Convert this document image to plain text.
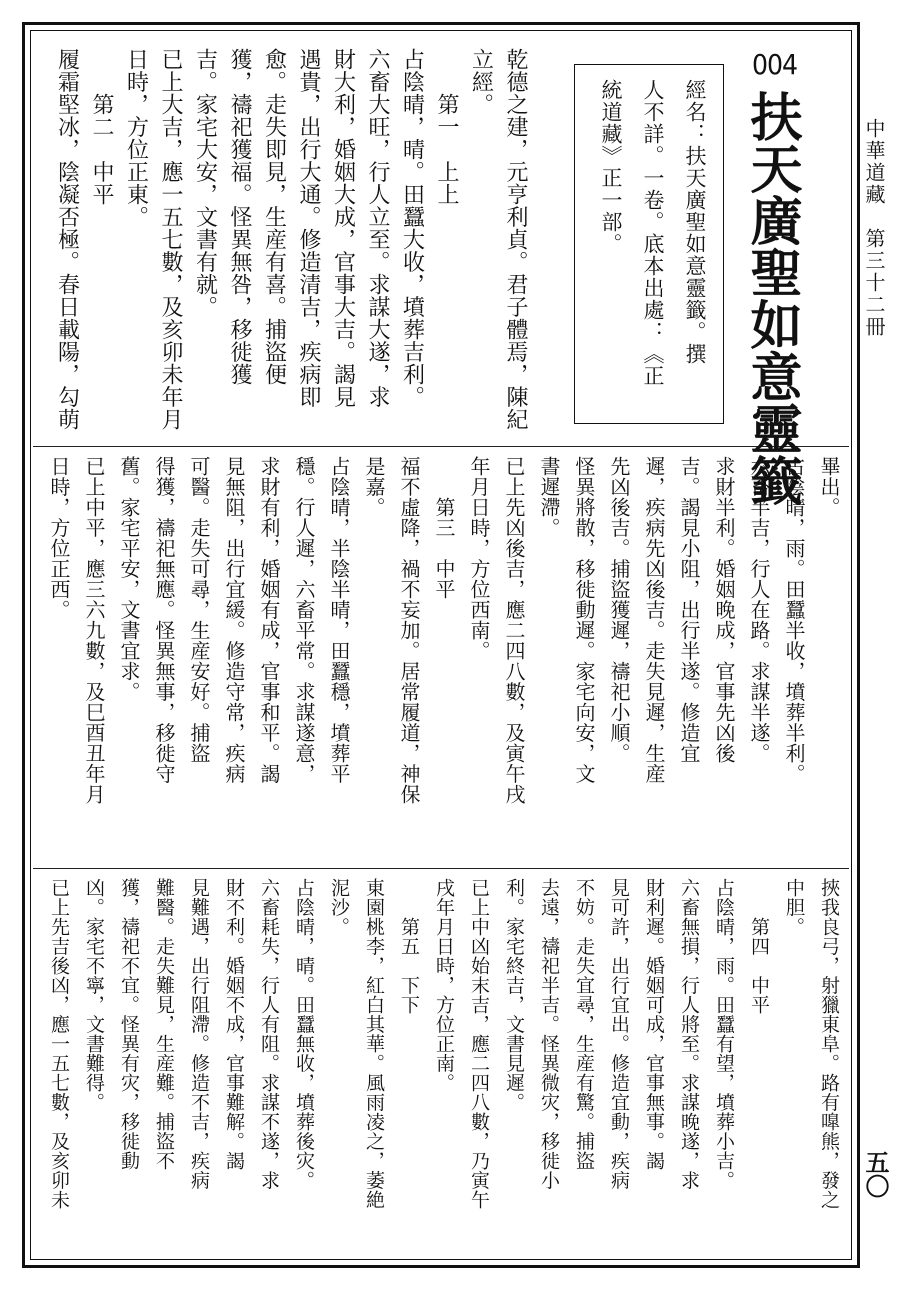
中華道藏　第三十二冊
五〇
004
扶天廣聖如意靈籤
經名：扶天廣聖如意靈籤。撰
人不詳。一卷。底本出處：《正
統道藏》正一部。
乾德之建，元亨利貞。君子體焉，陳紀
立經。
　　第一　上上
占陰晴，晴。田蠶大收，墳葬吉利。
六畜大旺，行人立至。求謀大遂，求
財大利，婚姻大成，官事大吉。謁見
遇貴，出行大通。修造清吉，疾病即
愈。走失即見，生産有喜。捕盜便
獲，禱祀獲福。怪異無咎，移徙獲
吉。家宅大安，文書有就。
已上大吉，應一五七數，及亥卯未年月
日時，方位正東。
　　第二　中平
履霜堅冰，陰凝否極。春日載陽，勾萌
畢出。
占陰晴，雨。田蠶半收，墳葬半利。
六畜半吉，行人在路。求謀半遂。
求財半利。婚姻晚成，官事先凶後
吉。謁見小阻，出行半遂。修造宜
遲，疾病先凶後吉。走失見遲，生産
先凶後吉。捕盜獲遲，禱祀小順。
怪異將散，移徙動遲。家宅向安，文
書遲滯。
已上先凶後吉，應二四八數，及寅午戌
年月日時，方位西南。
　　第三　中平
福不虛降，禍不妄加。居常履道，神保
是嘉。
占陰晴，半陰半晴，田蠶穩，墳葬平
穩。行人遲，六畜平常。求謀遂意，
求財有利，婚姻有成，官事和平。謁
見無阻，出行宜緩。修造守常，疾病
可醫。走失可尋，生産安好。捕盜
得獲，禱祀無應。怪異無事，移徙守
舊。家宅平安，文書宜求。
已上中平，應三六九數，及巳酉丑年月
日時，方位正西。
挾我良弓，射獵東阜。路有嘷熊，發之
中胆。
　　第四　中平
占陰晴，雨。田蠶有望，墳葬小吉。
六畜無損，行人將至。求謀晚遂，求
財利遲。婚姻可成，官事無事。謁
見可許，出行宜出。修造宜動，疾病
不妨。走失宜尋，生産有驚。捕盜
去遠，禱祀半吉。怪異微灾，移徙小
利。家宅終吉，文書見遲。
已上中凶始末吉，應二四八數，乃寅午
戌年月日時，方位正南。
　　第五　下下
東園桃李，紅白其華。風雨凌之，萎絶
泥沙。
占陰晴，晴。田蠶無收，墳葬後灾。
六畜耗失，行人有阻。求謀不遂，求
財不利。婚姻不成，官事難解。謁
見難遇，出行阻滯。修造不吉，疾病
難醫。走失難見，生産難。捕盜不
獲，禱祀不宜。怪異有灾，移徙動
凶。家宅不寧，文書難得。
已上先吉後凶，應一五七數，及亥卯未
